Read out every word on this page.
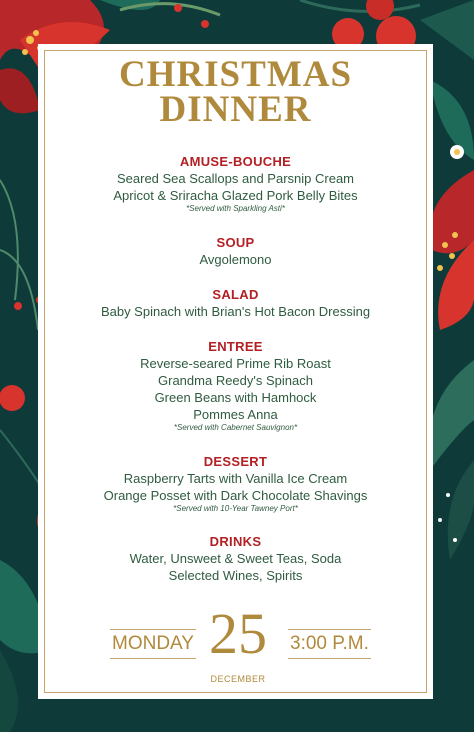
CHRISTMAS
DINNER
AMUSE-BOUCHE
Seared Sea Scallops and Parsnip Cream
Apricot & Sriracha Glazed Pork Belly Bites
*Served with Sparkling Asti*
SOUP
Avgolemono
SALAD
Baby Spinach with Brian's Hot Bacon Dressing
ENTREE
Reverse-seared Prime Rib Roast
Grandma Reedy's Spinach
Green Beans with Hamhock
Pommes Anna
*Served with Cabernet Sauvignon*
DESSERT
Raspberry Tarts with Vanilla Ice Cream
Orange Posset with Dark Chocolate Shavings
*Served with 10-Year Tawney Port*
DRINKS
Water, Unsweet & Sweet Teas, Soda
Selected Wines, Spirits
MONDAY 25
DECEMBER
3:00 P.M.
